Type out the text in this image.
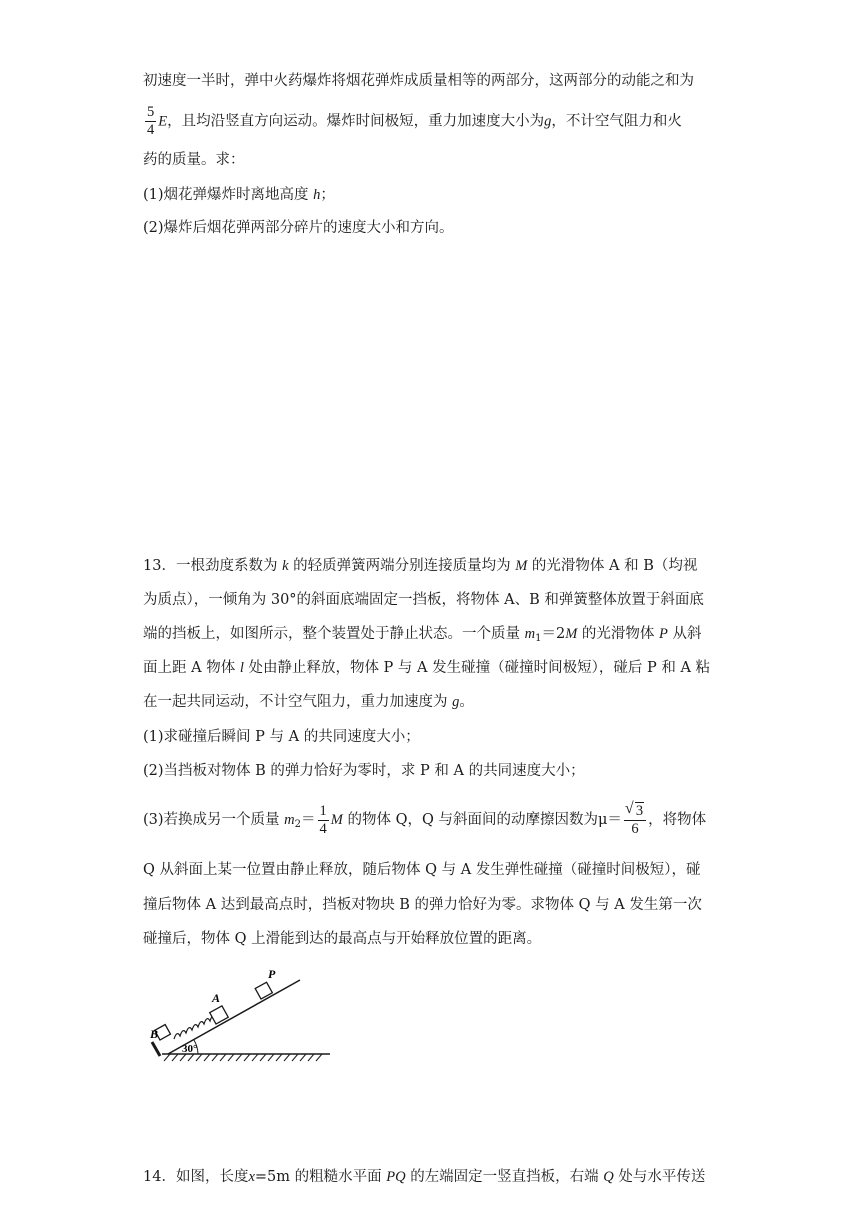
初速度一半时，弹中火药爆炸将烟花弹炸成质量相等的两部分，这两部分的动能之和为
$\frac{5}{4}$ E，且均沿竖直方向运动。爆炸时间极短，重力加速度大小为g，不计空气阻力和火
药的质量。求：
(1)烟花弹爆炸时离地高度 h；
(2)爆炸后烟花弹两部分碎片的速度大小和方向。
13．一根劲度系数为 k 的轻质弹簧两端分别连接质量均为 M 的光滑物体 A 和 B（均视
为质点），一倾角为 30°的斜面底端固定一挡板，将物体 A、B 和弹簧整体放置于斜面底
端的挡板上，如图所示，整个装置处于静止状态。一个质量 $m_1=2M$ 的光滑物体 P 从斜
面上距 A 物体 l 处由静止释放，物体 P 与 A 发生碰撞（碰撞时间极短），碰后 P 和 A 粘
在一起共同运动，不计空气阻力，重力加速度为 g。
(1)求碰撞后瞬间 P 与 A 的共同速度大小；
(2)当挡板对物体 B 的弹力恰好为零时，求 P 和 A 的共同速度大小；
(3)若换成另一个质量 $m_2= \frac{1}{4}$ M 的物体 Q，Q 与斜面间的动摩擦因数为μ＝
√ $\frac{3}{6}$ ，将物体
Q 从斜面上某一位置由静止释放，随后物体 Q 与 A 发生弹性碰撞（碰撞时间极短），碰
撞后物体 A 达到最高点时，挡板对物块 B 的弹力恰好为零。求物体 Q 与 A 发生第一次
碰撞后，物体 Q 上滑能到达的最高点与开始释放位置的距离。
P
A
B
30°
14．如图，长度x=5m 的粗糙水平面 PQ 的左端固定一竖直挡板，右端 Q 处与水平传送
